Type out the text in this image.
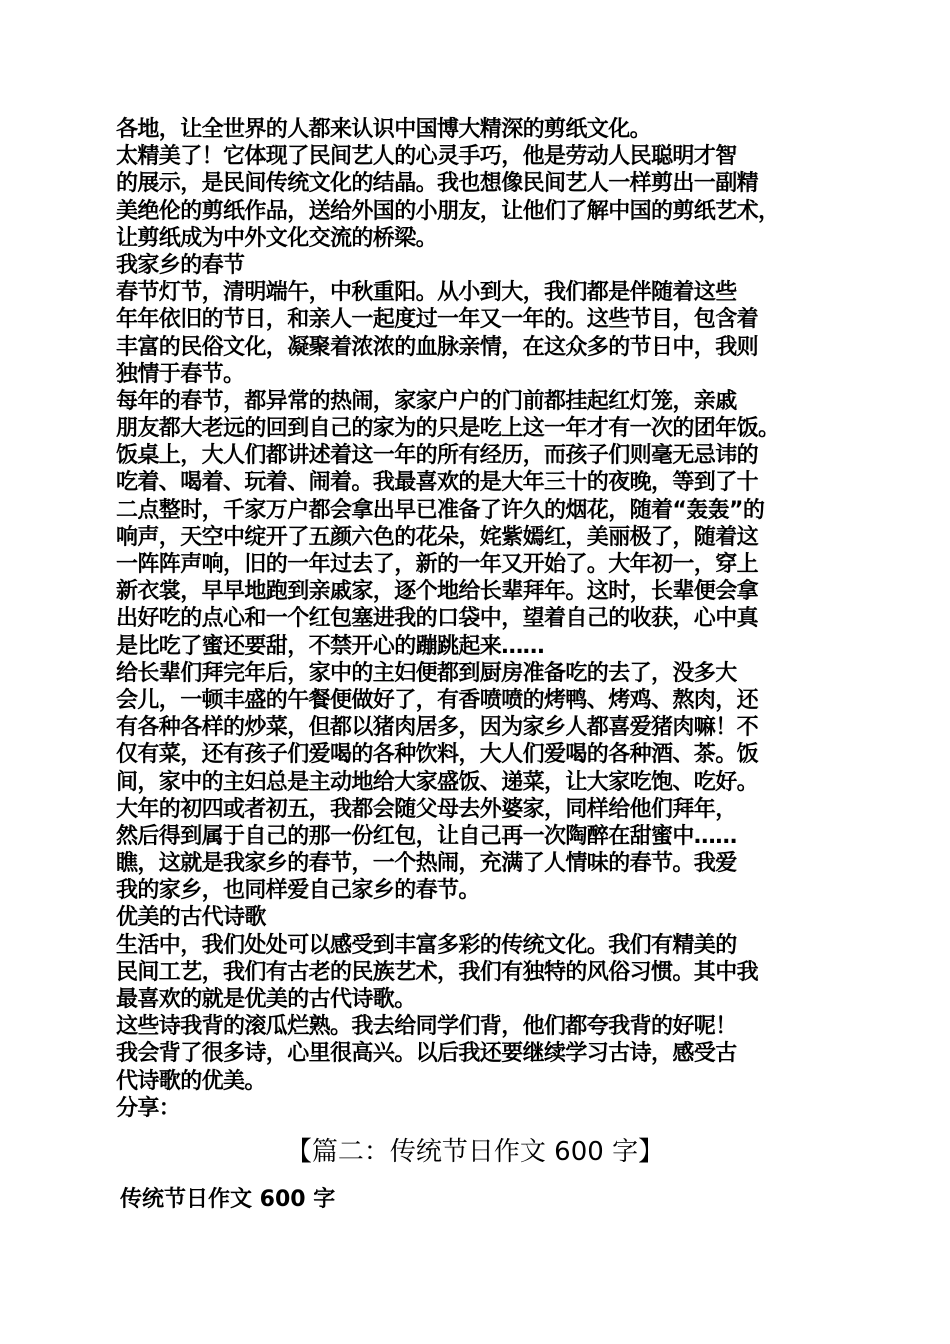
各地，让全世界的人都来认识中国博大精深的剪纸文化。
太精美了！它体现了民间艺人的心灵手巧，他是劳动人民聪明才智
的展示，是民间传统文化的结晶。我也想像民间艺人一样剪出一副精
美绝伦的剪纸作品，送给外国的小朋友，让他们了解中国的剪纸艺术，
让剪纸成为中外文化交流的桥梁。
我家乡的春节
春节灯节，清明端午，中秋重阳。从小到大，我们都是伴随着这些
年年依旧的节日，和亲人一起度过一年又一年的。这些节目，包含着
丰富的民俗文化，凝聚着浓浓的血脉亲情，在这众多的节日中，我则
独情于春节。
每年的春节，都异常的热闹，家家户户的门前都挂起红灯笼，亲戚
朋友都大老远的回到自己的家为的只是吃上这一年才有一次的团年饭。
饭桌上，大人们都讲述着这一年的所有经历，而孩子们则毫无忌讳的
吃着、喝着、玩着、闹着。我最喜欢的是大年三十的夜晚，等到了十
二点整时，千家万户都会拿出早已准备了许久的烟花，随着“轰轰”的
响声，天空中绽开了五颜六色的花朵，姹紫嫣红，美丽极了，随着这
一阵阵声响，旧的一年过去了，新的一年又开始了。大年初一，穿上
新衣裳，早早地跑到亲戚家，逐个地给长辈拜年。这时，长辈便会拿
出好吃的点心和一个红包塞进我的口袋中，望着自己的收获，心中真
是比吃了蜜还要甜，不禁开心的蹦跳起来……
给长辈们拜完年后，家中的主妇便都到厨房准备吃的去了，没多大
会儿，一顿丰盛的午餐便做好了，有香喷喷的烤鸭、烤鸡、熬肉，还
有各种各样的炒菜，但都以猪肉居多，因为家乡人都喜爱猪肉嘛！不
仅有菜，还有孩子们爱喝的各种饮料，大人们爱喝的各种酒、茶。饭
间，家中的主妇总是主动地给大家盛饭、递菜，让大家吃饱、吃好。
大年的初四或者初五，我都会随父母去外婆家，同样给他们拜年，
然后得到属于自己的那一份红包，让自己再一次陶醉在甜蜜中……
瞧，这就是我家乡的春节，一个热闹，充满了人情味的春节。我爱
我的家乡，也同样爱自己家乡的春节。
优美的古代诗歌
生活中，我们处处可以感受到丰富多彩的传统文化。我们有精美的
民间工艺，我们有古老的民族艺术，我们有独特的风俗习惯。其中我
最喜欢的就是优美的古代诗歌。
这些诗我背的滚瓜烂熟。我去给同学们背，他们都夸我背的好呢！
我会背了很多诗，心里很高兴。以后我还要继续学习古诗，感受古
代诗歌的优美。
分享：
【篇二：传统节日作文 600 字】
传统节日作文 600 字
